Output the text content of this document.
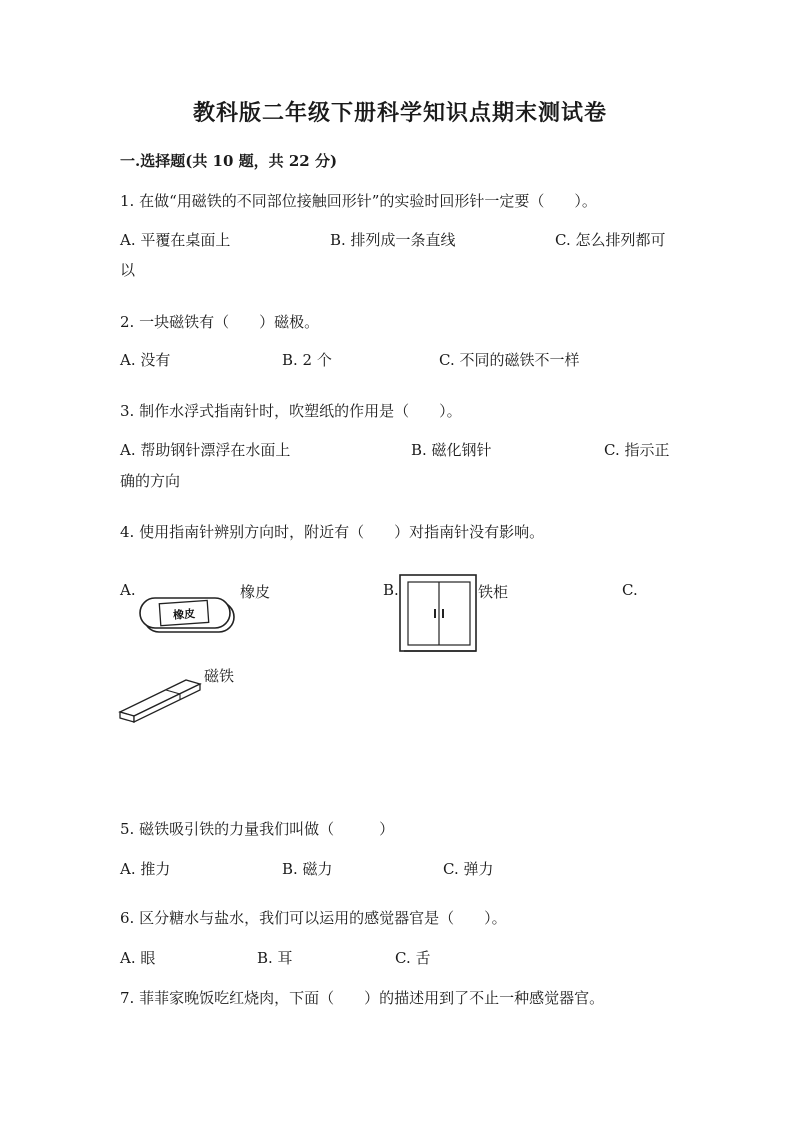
教科版二年级下册科学知识点期末测试卷
一.选择题(共 10 题，共 22 分)
1. 在做“用磁铁的不同部位接触回形针”的实验时回形针一定要（　　）。
A. 平覆在桌面上	B. 排列成一条直线	C. 怎么排列都可
以
2. 一块磁铁有（　　）磁极。
A. 没有	B. 2 个	C. 不同的磁铁不一样
3. 制作水浮式指南针时，吹塑纸的作用是（　　）。
A. 帮助钢针漂浮在水面上	B. 磁化钢针	C. 指示正
确的方向
4. 使用指南针辨别方向时，附近有（　　）对指南针没有影响。
A.	橡皮	B.	铁柜	C.
磁铁
橡皮
5. 磁铁吸引铁的力量我们叫做（　　　）
A. 推力	B. 磁力	C. 弹力
6. 区分糖水与盐水，我们可以运用的感觉器官是（　　）。
A. 眼	B. 耳	C. 舌
7. 菲菲家晚饭吃红烧肉，下面（　　）的描述用到了不止一种感觉器官。
